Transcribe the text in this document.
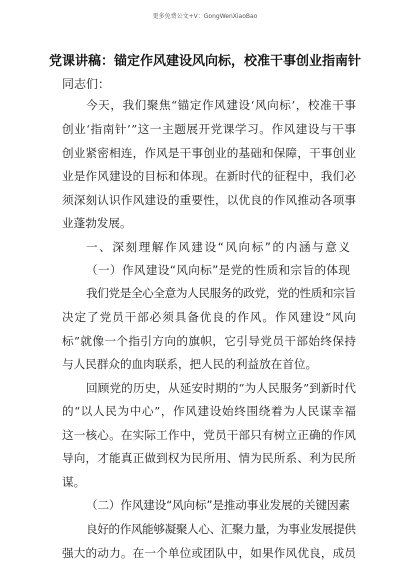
更多免费公文+V：GongWenXiaoBao
党课讲稿：锚定作风建设风向标，校准干事创业指南针
同志们：
今天，我们聚焦“锚定作风建设‘风向标’，校准干事
创业‘指南针’”这一主题展开党课学习。作风建设与干事
创业紧密相连，作风是干事创业的基础和保障，干事创业
业是作风建设的目标和体现。在新时代的征程中，我们必
须深刻认识作风建设的重要性，以优良的作风推动各项事
业蓬勃发展。
一、深刻理解作风建设“风向标”的内涵与意义
（一）作风建设“风向标”是党的性质和宗旨的体现
我们党是全心全意为人民服务的政党，党的性质和宗旨
决定了党员干部必须具备优良的作风。作风建设“风向
标”就像一个指引方向的旗帜，它引导党员干部始终保持
与人民群众的血肉联系，把人民的利益放在首位。
回顾党的历史，从延安时期的“为人民服务”到新时代
的“以人民为中心”，作风建设始终围绕着为人民谋幸福
这一核心。在实际工作中，党员干部只有树立正确的作风
导向，才能真正做到权为民所用、情为民所系、利为民所
谋。
（二）作风建设“风向标”是推动事业发展的关键因素
良好的作风能够凝聚人心、汇聚力量，为事业发展提供
强大的动力。在一个单位或团队中，如果作风优良，成员
